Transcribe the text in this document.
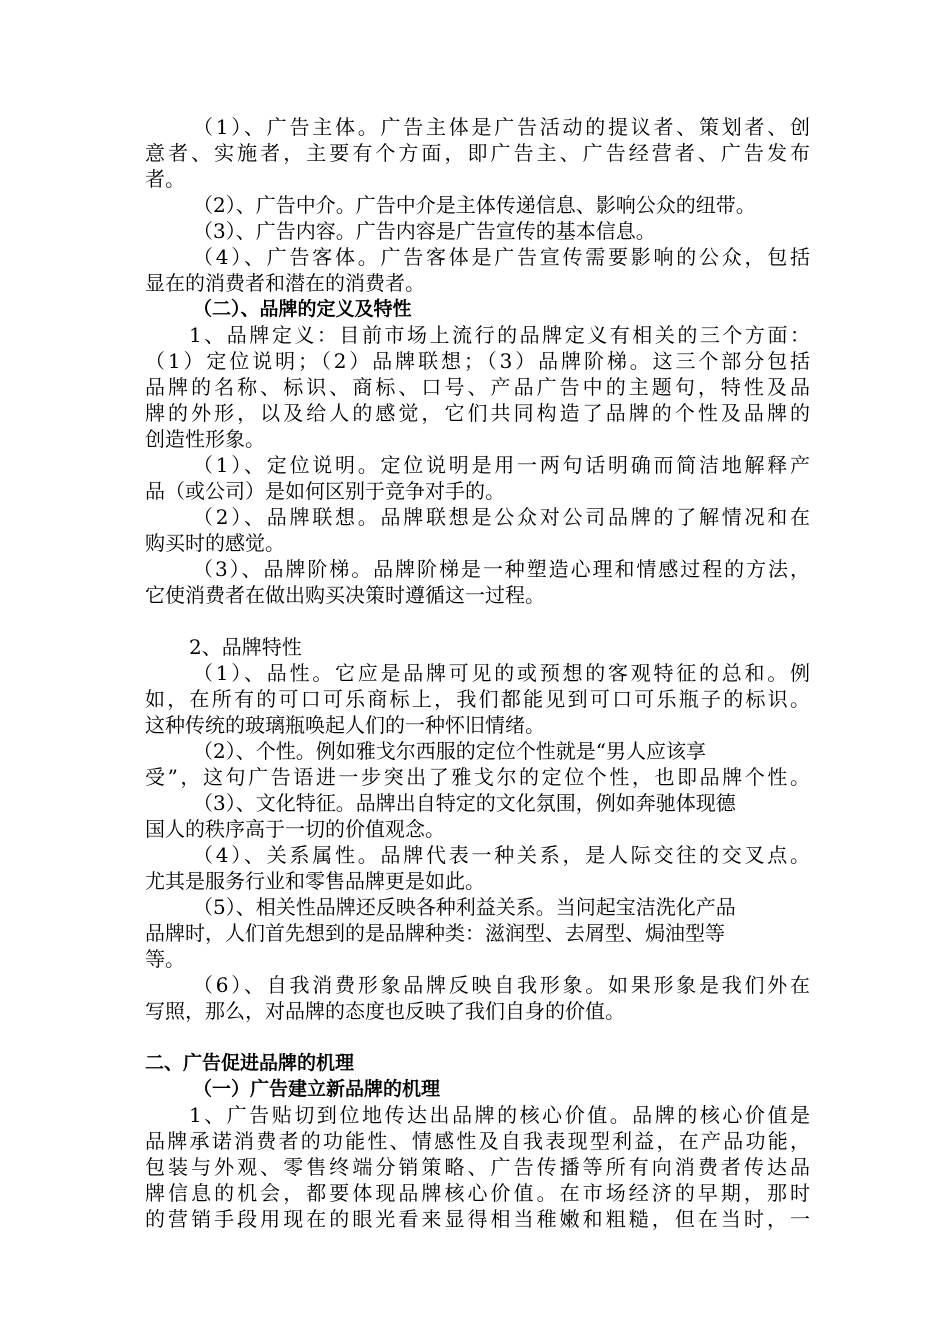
（1）、广告主体。广告主体是广告活动的提议者、策划者、创
意者、实施者，主要有个方面，即广告主、广告经营者、广告发布
者。
（2）、广告中介。广告中介是主体传递信息、影响公众的纽带。
（3）、广告内容。广告内容是广告宣传的基本信息。
（4）、广告客体。广告客体是广告宣传需要影响的公众，包括
显在的消费者和潜在的消费者。
（二）、品牌的定义及特性
1、品牌定义：目前市场上流行的品牌定义有相关的三个方面：
（1）定位说明；（2）品牌联想；（3）品牌阶梯。这三个部分包括
品牌的名称、标识、商标、口号、产品广告中的主题句，特性及品
牌的外形，以及给人的感觉，它们共同构造了品牌的个性及品牌的
创造性形象。
（1）、定位说明。定位说明是用一两句话明确而简洁地解释产
品（或公司）是如何区别于竞争对手的。
（2）、品牌联想。品牌联想是公众对公司品牌的了解情况和在
购买时的感觉。
（3）、品牌阶梯。品牌阶梯是一种塑造心理和情感过程的方法，
它使消费者在做出购买决策时遵循这一过程。
2、品牌特性
（1）、品性。它应是品牌可见的或预想的客观特征的总和。例
如，在所有的可口可乐商标上，我们都能见到可口可乐瓶子的标识。
这种传统的玻璃瓶唤起人们的一种怀旧情绪。
（2）、个性。例如雅戈尔西服的定位个性就是“男人应该享
受”，这句广告语进一步突出了雅戈尔的定位个性，也即品牌个性。
（3）、文化特征。品牌出自特定的文化氛围，例如奔驰体现德
国人的秩序高于一切的价值观念。
（4）、关系属性。品牌代表一种关系，是人际交往的交叉点。
尤其是服务行业和零售品牌更是如此。
（5）、相关性品牌还反映各种利益关系。当问起宝洁洗化产品
品牌时，人们首先想到的是品牌种类：滋润型、去屑型、焗油型等
等。
（6）、自我消费形象品牌反映自我形象。如果形象是我们外在
写照，那么，对品牌的态度也反映了我们自身的价值。
二、广告促进品牌的机理
（一）广告建立新品牌的机理
1、广告贴切到位地传达出品牌的核心价值。品牌的核心价值是
品牌承诺消费者的功能性、情感性及自我表现型利益，在产品功能，
包装与外观、零售终端分销策略、广告传播等所有向消费者传达品
牌信息的机会，都要体现品牌核心价值。在市场经济的早期，那时
的营销手段用现在的眼光看来显得相当稚嫩和粗糙，但在当时，一
